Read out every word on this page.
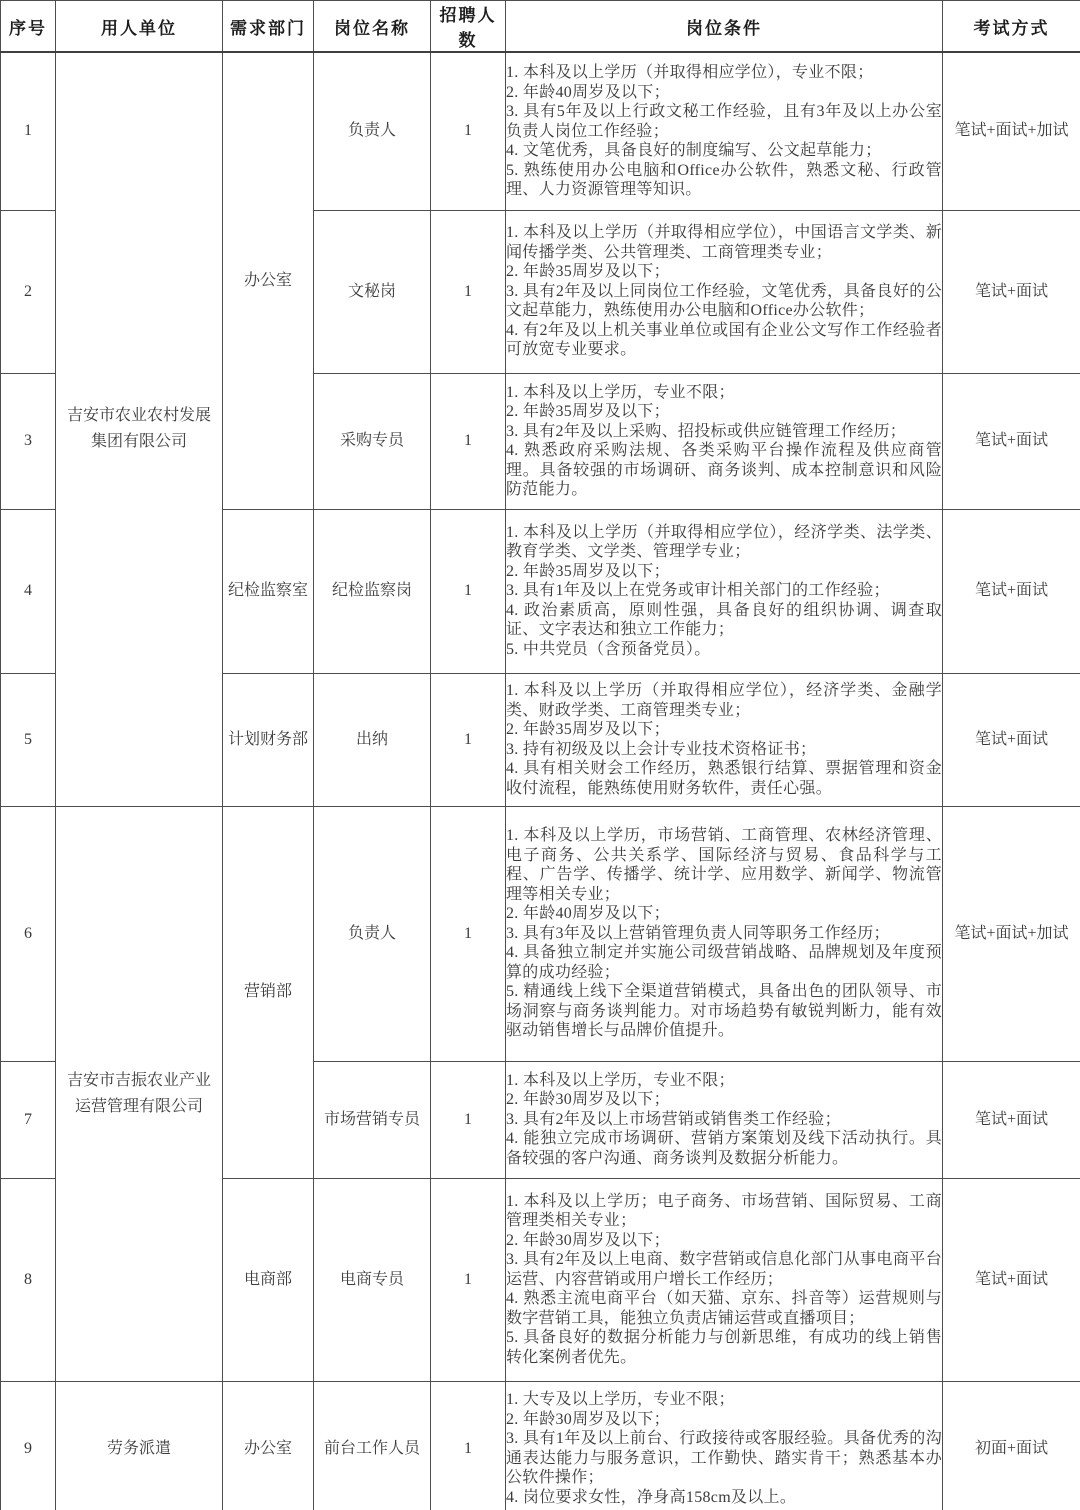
序号	用人单位	需求部门	岗位名称	招聘人数	岗位条件	考试方式
1	吉安市农业农村发展集团有限公司	办公室	负责人	1	1. 本科及以上学历（并取得相应学位），专业不限；
2. 年龄40周岁及以下；
3. 具有5年及以上行政文秘工作经验，且有3年及以上办公室负责人岗位工作经验；
4. 文笔优秀，具备良好的制度编写、公文起草能力；
5. 熟练使用办公电脑和Office办公软件，熟悉文秘、行政管理、人力资源管理等知识。	笔试+面试+加试

2			文秘岗	1	1. 本科及以上学历（并取得相应学位），中国语言文学类、新闻传播学类、公共管理类、工商管理类专业；
2. 年龄35周岁及以下；
3. 具有2年及以上同岗位工作经验，文笔优秀，具备良好的公文起草能力，熟练使用办公电脑和Office办公软件；
4. 有2年及以上机关事业单位或国有企业公文写作工作经验者可放宽专业要求。	笔试+面试

3			采购专员	1	1. 本科及以上学历，专业不限；
2. 年龄35周岁及以下；
3. 具有2年及以上采购、招投标或供应链管理工作经历；
4. 熟悉政府采购法规、各类采购平台操作流程及供应商管理。具备较强的市场调研、商务谈判、成本控制意识和风险防范能力。	笔试+面试

4		纪检监察室	纪检监察岗	1	1. 本科及以上学历（并取得相应学位），经济学类、法学类、教育学类、文学类、管理学专业；
2. 年龄35周岁及以下；
3. 具有1年及以上在党务或审计相关部门的工作经验；
4. 政治素质高，原则性强，具备良好的组织协调、调查取证、文字表达和独立工作能力；
5. 中共党员（含预备党员）。	笔试+面试

5		计划财务部	出纳	1	1. 本科及以上学历（并取得相应学位），经济学类、金融学类、财政学类、工商管理类专业；
2. 年龄35周岁及以下；
3. 持有初级及以上会计专业技术资格证书；
4. 具有相关财会工作经历，熟悉银行结算、票据管理和资金收付流程，能熟练使用财务软件，责任心强。	笔试+面试

6	吉安市吉振农业产业运营管理有限公司	营销部	负责人	1	1. 本科及以上学历，市场营销、工商管理、农林经济管理、电子商务、公共关系学、国际经济与贸易、食品科学与工程、广告学、传播学、统计学、应用数学、新闻学、物流管理等相关专业；
2. 年龄40周岁及以下；
3. 具有3年及以上营销管理负责人同等职务工作经历；
4. 具备独立制定并实施公司级营销战略、品牌规划及年度预算的成功经验；
5. 精通线上线下全渠道营销模式，具备出色的团队领导、市场洞察与商务谈判能力。对市场趋势有敏锐判断力，能有效驱动销售增长与品牌价值提升。	笔试+面试+加试

7			市场营销专员	1	1. 本科及以上学历，专业不限；
2. 年龄30周岁及以下；
3. 具有2年及以上市场营销或销售类工作经验；
4. 能独立完成市场调研、营销方案策划及线下活动执行。具备较强的客户沟通、商务谈判及数据分析能力。	笔试+面试

8		电商部	电商专员	1	1. 本科及以上学历；电子商务、市场营销、国际贸易、工商管理类相关专业；
2. 年龄30周岁及以下；
3. 具有2年及以上电商、数字营销或信息化部门从事电商平台运营、内容营销或用户增长工作经历；
4. 熟悉主流电商平台（如天猫、京东、抖音等）运营规则与数字营销工具，能独立负责店铺运营或直播项目；
5. 具备良好的数据分析能力与创新思维，有成功的线上销售转化案例者优先。	笔试+面试

9	劳务派遣	办公室	前台工作人员	1	1. 大专及以上学历，专业不限；
2. 年龄30周岁及以下；
3. 具有1年及以上前台、行政接待或客服经验。具备优秀的沟通表达能力与服务意识，工作勤快、踏实肯干；熟悉基本办公软件操作；
4. 岗位要求女性，净身高158cm及以上。	初面+面试
